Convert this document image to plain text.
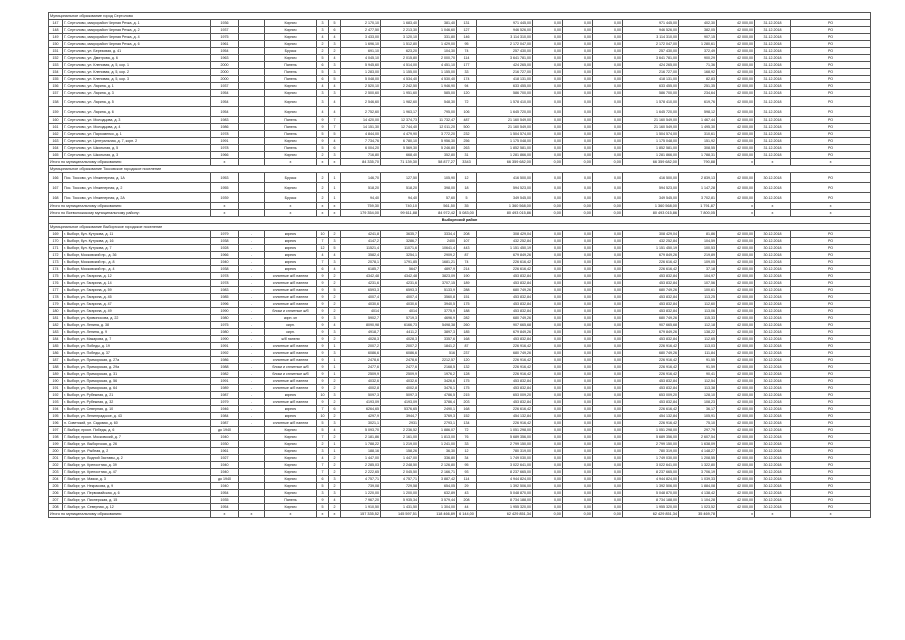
Муниципальное образование город Сертолово																			
147	Г. Сертолово, микрорайон Черная Речка, д. 1	1936		Кирпич	3	5	2 170,10	1 683,40	381,40	131	971 445,00	0,00	0,00	0,00	971 445,00	402,30	42 000,00	31.12.2018	РО
148	Г. Сертолово, микрорайон Черная Речка, д. 2	1937		Кирпич	3	6	2 477,50	2 213,30	1 046,60	127	946 526,00	0,00	0,00	0,00	946 526,00	382,05	42 000,00	31.12.2018	РО
149	Г. Сертолово, микрорайон Черная Речка, д. 4	1975		Кирпич	4	4	3 433,00	3 120,10	331,80	146	3 114 310,00	0,00	0,00	0,00	3 114 310,00	907,15	42 000,00	31.12.2018	РО
150	Г. Сертолово, микрорайон Черная Речка, д. 6	1961		Кирпич	2	3	1 696,10	1 512,80	1 429,00	95	2 172 047,00	0,00	0,00	0,00	2 172 047,00	1 280,61	42 000,00	31.12.2018	РО
151	Г. Сертолово, ул. Березовая, д. 41	1954		Брусья	2	2	691,10	623,20	104,30	74	257 430,00	0,00	0,00	0,00	257 430,00	372,49	42 000,00	31.12.2018	РО
152	Г. Сертолово, ул. Дмитрова, д. 6	1963		Кирпич	5	4	4 045,10	2 015,80	2 000,70	114	3 641 781,00	0,00	0,00	0,00	3 641 781,00	900,29	42 000,00	31.12.2018	РО
153	Г. Сертолово, ул. Кленовая, д. 5, кор. 1	2000		Панель	6	3	5 945,60	4 514,00	4 451,10	177	424 265,00	0,00	0,00	0,00	424 265,00	71,36	42 000,00	31.12.2018	РО
154	Г. Сертолово, ул. Кленовая, д. 5, кор. 2	2000		Панель	5	3	1 283,00	1 155,00	1 155,00	33	216 727,00	0,00	0,00	0,00	216 727,00	168,92	42 000,00	31.12.2018	РО
155	Г. Сертолово, ул. Кленовая, д. 5, кор. 3	2000		Панель	6	5	5 048,00	4 534,40	4 530,40	174	418 131,00	0,00	0,00	0,00	418 131,00	82,83	42 000,00	31.12.2018	РО
156	Г. Сертолово, ул. Ларина, д. 1	1937		Кирпич	4	4	2 520,10	2 242,50	1 946,90	94	633 455,00	0,00	0,00	0,00	633 455,00	251,35	42 000,00	31.12.2018	РО
157	Г. Сертолово, ул. Ларина, д. 3	1954		Кирпич	3	3	2 500,60	1 951,60	585,00	120	586 700,00	0,00	0,00	0,00	586 700,00	234,64	42 000,00	31.12.2018	РО
158	Г. Сертолово, ул. Ларина, д. 5	1954		Кирпич	3	4	2 546,60	1 982,60	548,30	72	1 578 410,00	0,00	0,00	0,00	1 578 410,00	619,76	42 000,00	31.12.2018	РО
159	Г. Сертолово, ул. Ларина, д. 6	1954		Кирпич	4	4	2 752,60	1 963,17	795,00	106	1 645 720,00	0,00	0,00	0,00	1 645 720,00	598,12	42 000,00	31.12.2018	РО
160	Г. Сертолово, ул. Молодцова, д. 3	1983		Панель	9	7	14 420,00	12 374,73	11 732,47	487	21 160 549,00	0,00	0,00	0,00	21 160 549,00	1 467,44	42 000,00	31.12.2018	РО
161	Г. Сертолово, ул. Молодцова, д. 4	1986		Панель	9	7	14 151,30	12 744,40	12 011,20	500	21 160 549,00	0,00	0,00	0,00	21 160 549,00	1 495,30	42 000,00	31.12.2018	РО
162	Г. Сертолово, ул. Пархоменко, д. 1	1978		Панель	5	5	4 844,00	4 479,90	3 772,20	232	1 504 574,00	0,00	0,00	0,00	1 504 574,00	310,61	42 000,00	31.12.2018	РО
163	Г. Сертолово, ул. Центральная, д. 7, корп. 2	1991		Кирпич	9	4	7 734,76	6 780,10	5 956,30	256	1 175 048,00	0,00	0,00	0,00	1 175 048,00	151,92	42 000,00	31.12.2018	РО
164	Г. Сертолово, ул. Школьная, д. 5	1978		Панель	5	6	6 004,20	5 569,30	5 246,80	263	1 852 581,00	0,00	0,00	0,00	1 852 581,00	308,55	42 000,00	31.12.2018	РО
165	Г. Сертолово, ул. Школьная, д. 3	1966		Кирпич	2	3	716,80	668,40	352,80	31	1 281 866,00	0,00	0,00	0,00	1 281 866,00	1 788,31	42 000,00	31.12.2018	РО
Итого по муниципальному образованию:		x		x	x	x	84 335,70	71 139,30	58 877,27	3343	66 359 682,00	0,00	0,00	0,00	66 359 682,00	790,88	x	x	x
Муниципальное образование Токсовское городское поселение																			
166	Пос. Токсово, ул. Инженерная, д. 1А	1953		Брусья	2	1	146,70	127,50	105,90	12	416 500,00	0,00	0,00	0,00	416 500,00	2 839,13	42 000,00	30.12.2018	РО
167	Пос. Токсово, ул. Инженерная, д. 2	1955		Кирпич	2	1	518,20	518,20	398,00	18	594 523,00	0,00	0,00	0,00	594 523,00	1 147,28	42 000,00	30.12.2018	РО
168	Пос. Токсово, ул. Инженерная, д. 2А	1939		Брусья	2	1	94,40	94,40	57,60	5	349 545,00	0,00	0,00	0,00	349 545,00	3 702,81	42 000,00	30.12.2018	РО
Итого по муниципальному образованию:		x		x	x	x	759,30	740,10	561,50	35	1 360 568,00	0,00	0,00	0,00	1 360 568,00	1 791,87	x	x	x
Итого по Всеволожскому муниципальному району:		x		x	x	x	179 354,00	99 611,88	84 972,42	5 083,00	80 493 015,86	0,00	0,00	0,00	80 493 015,86	7 800,05	x	x	x
Выборгский район																			
Муниципальное образование Выборгское городское поселение																			
169	г. Выборг, бул. Кутузова, д. 11	1979	-	кирпич	10	2	4241,8	3635,7	3334,4	208	308 429,04	0,00	0,00	0,00	308 429,04	81,86	42 000,00	30.12.2018	РО
170	г. Выборг, бул. Кутузова, д. 16	1938	-	кирпич	7	3	4147,2	3286,7	2400	107	432 252,84	0,00	0,00	0,00	432 252,84	104,59	42 000,00	30.12.2018	РО
171	г. Выборг, бул. Кутузова, д. 7	1928	-	кирпич	12	5	11521,4	11071,6	10641,4	443	1 151 450,19	0,00	0,00	0,00	1 151 450,19	100,53	42 000,00	30.12.2018	РО
172	г. Выборг, Московский пр., д. 36	1966	-	кирпич	4	4	3582,4	3254,1	2909,2	87	679 849,26	0,00	0,00	0,00	679 849,26	219,89	42 000,00	30.12.2018	РО
173	г. Выборг, Московский пр., д. 8	1940	-	кирпич	7	3	2078,1	1791,85	1681,21	74	226 616,42	0,00	0,00	0,00	226 616,42	109,05	42 000,00	30.12.2018	РО
174	г. Выборг, Московский пр., д. 4	1938	-	кирпич	6	4	6185,7	5647	4897,9	214	226 616,42	0,00	0,00	0,00	226 616,42	37,18	42 000,00	30.12.2018	РО
175	г. Выборг, ул. Гагарина, д. 12	1978	-	сплитные ж/б панели	9	2	4342,48	4342,48	3823,09	190	453 832,84	0,00	0,00	0,00	453 832,84	104,97	42 000,00	30.12.2018	РО
176	г. Выборг, ул. Гагарина, д. 14	1978	-	сплитные ж/б панели	9	2	4231,6	4231,6	3707,15	189	453 832,84	0,00	0,00	0,00	453 832,84	107,56	42 000,00	30.12.2018	РО
177	г. Выборг, ул. Гагарина, д. 59	1983	-	сплитные ж/б панели	9	5	6593,3	6593,3	5133,9	288	680 749,26	0,00	0,00	0,00	680 749,26	100,61	42 000,00	30.12.2018	РО
178	г. Выборг, ул. Гагарина, д. 45	1985	-	сплитные ж/б панели	9	2	4007,4	4007,4	3560,8	151	453 832,84	0,00	0,00	0,00	453 832,84	113,25	42 000,00	30.12.2018	РО
179	г. Выборг, ул. Гагарина, д. 47	1996	-	сплитные ж/б панели	9	2	4030,6	4030,6	3940,5	175	453 832,84	0,00	0,00	0,00	453 832,84	112,60	42 000,00	30.12.2018	РО
180	г. Выборг, ул. Гагарина, д. 49	1990	-	блоки и сплитные ж/б	9	2	4014	4014	3775,9	188	453 832,84	0,00	0,00	0,00	453 832,84	113,06	42 000,00	30.12.2018	РО
181	г. Выборг, ул. Кривоносова, д. 22	1980	-	кирп. кп	9	3	5902,7	5719,3	4696,9	282	680 749,26	0,00	0,00	0,00	680 749,26	115,33	42 000,00	30.12.2018	РО
182	г. Выборг, ул. Ленина, д. 38	1975	-	кирп.	9	4	8090,98	6166,73	5498,38	260	907 665,68	0,00	0,00	0,00	907 665,68	112,18	42 000,00	30.12.2018	РО
183	г. Выборг, ул. Ленина, д. 9	1980	-	кирп.	9	3	4918,7	4411,2	3897,3	185	679 849,26	0,00	0,00	0,00	679 849,26	138,22	42 000,00	30.12.2018	РО
184	г. Выборг, ул. Макарова, д. 7	1990	-	ж/б панели	9	2	4028,3	4028,3	3357,6	168	453 832,84	0,00	0,00	0,00	453 832,84	112,65	42 000,00	30.12.2018	РО
185	г. Выборг, ул. Победы, д. 19	1991	-	сплитные ж/б панели	9	1	2007,2	2007,2	1841,2	87	226 916,42	0,00	0,00	0,00	226 916,42	113,03	42 000,00	30.12.2018	РО
186	г. Выборг, ул. Победы, д. 37	1992	-	сплитные ж/б панели	9	3	6086,6	6086,6	516	237	680 749,26	0,00	0,00	0,00	680 749,26	111,84	42 000,00	30.12.2018	РО
187	г. Выборг, ул. Приморская, д. 27а	1986	-	сплитные ж/б панели	9	1	2478,6	2478,6	2212,57	120	226 916,42	0,00	0,00	0,00	226 916,42	91,55	42 000,00	30.12.2018	РО
188	г. Выборг, ул. Приморская, д. 29а	1988	-	блоки и сплитные ж/б	9	1	2477,6	2477,6	2168,5	132	226 916,42	0,00	0,00	0,00	226 916,42	91,59	42 000,00	30.12.2018	РО
189	г. Выборг, ул. Приморская, д. 31	1982	-	блоки и сплитные ж/б	9	1	2509,9	2509,9	1976,2	128	226 916,42	0,00	0,00	0,00	226 916,42	90,41	42 000,00	30.12.2018	РО
190	г. Выборг, ул. Приморская, д. 56	1991	-	сплитные ж/б панели	9	2	4032,6	4032,6	3426,6	175	453 832,84	0,00	0,00	0,00	453 832,84	112,54	42 000,00	30.12.2018	РО
191	г. Выборг, ул. Приморская, д. 64	1989	-	сплитные ж/б панели	9	2	4002,8	4002,8	3476,1	175	453 832,84	0,00	0,00	0,00	453 832,84	113,38	42 000,00	30.12.2018	РО
192	г. Выборг, ул. Рубежная, д. 21	1987	-	кирпич	10	3	5097,3	5097,3	4786,5	215	653 009,20	0,00	0,00	0,00	653 009,20	128,10	42 000,00	30.12.2018	РО
193	г. Выборг, ул. Рубежная, д. 32	1979	-	сплитные ж/б панели	9	2	4193,09	4193,09	3786,4	203	453 832,84	0,00	0,00	0,00	453 832,84	108,23	42 000,00	30.12.2018	РО
194	г. Выборг, ул. Северная, д. 10	1946	-	кирпич	7	6	6264,65	5376,65	2490,1	168	226 616,42	0,00	0,00	0,00	226 616,42	36,17	42 000,00	30.12.2018	РО
195	г. Выборг, ул. Ленинградское, д. 43	1984	-	кирпич	10	2	4297,9	3944,7	3769,3	152	454 132,84	0,00	0,00	0,00	454 132,84	105,91	42 000,00	30.12.2018	РО
196	п. Советский, ул. Садовая, д. 60	1987	-	сплитные ж/б панели	5	3	3021,1	2931	2793,1	134	226 916,42	0,00	0,00	0,00	226 916,42	75,10	42 000,00	30.12.2018	РО
197	Г. Выборг, просп. Победы, д. 6	до 1940		Кирпич	5	4	5 093,70	2 236,52	1 886,07	72	1 051 298,00	0,00	0,00	0,00	1 051 298,00	297,79	42 000,00	30.12.2018	РО
198	Г. Выборг, просп. Московский, д. 7	1940		Кирпич	7	2	2 181,86	2 161,00	1 813,00	76	5 689 356,00	0,00	0,00	0,00	5 689 356,00	2 607,54	42 000,00	30.12.2018	РО
199	Г. Выборг, ул. Выборгская, д. 26	1930		Кирпич	2	1	1 788,22	1 219,00	1 241,00	33	2 799 150,00	0,00	0,00	0,00	2 799 150,00	1 638,09	42 000,00	30.12.2018	РО
200	Г. Выборг, ул. Рыбная, д. 2	1961		Кирпич	3	1	188,16	158,26	36,30	12	780 319,00	0,00	0,00	0,00	780 319,00	4 148,27	42 000,00	30.12.2018	РО
201	Г. Выборг, ул. Водной Заставы, д. 2	1927		Кирпич	4	2	1 447,00	1 447,00	336,80	34	1 749 030,00	0,00	0,00	0,00	1 749 030,00	1 208,55	42 000,00	30.12.2018	РО
202	Г. Выборг, ул. Крепостная, д. 39	1940		Кирпич	7	2	2 285,03	2 248,50	2 126,80	95	3 022 641,00	0,00	0,00	0,00	3 022 641,00	1 322,80	42 000,00	30.12.2018	РО
203	Г. Выборг, ул. Крепостная, д. 47	1940		Кирпич	7	2	2 222,65	2 045,50	2 166,71	93	8 237 665,00	0,00	0,00	0,00	8 237 665,00	3 706,19	42 000,00	30.12.2018	РО
204	Г. Выборг, ул. Маяки, д. 3	до 1940		Кирпич	6	3	4 757,71	4 757,71	3 887,42	114	4 944 824,00	0,00	0,00	0,00	4 944 824,00	1 039,33	42 000,00	30.12.2018	РО
205	Г. Выборг, ул. Некрасова, д. 9	1940		Кирпич	5	2	739,08	729,58	654,05	29	1 392 506,00	0,00	0,00	0,00	1 392 506,00	1 884,08	42 000,00	30.12.2018	РО
206	Г. Выборг, ул. Первомайская, д. 6	1954		Кирпич	3	3	1 220,00	1 200,00	632,89	43	5 048 870,00	0,00	0,00	0,00	5 048 870,00	4 138,42	42 000,00	30.12.2018	РО
207	Г. Выборг, ул. Пионерская, д. 15	1935		Панель	9	4	7 967,20	5 935,34	3 579,44	208	8 734 188,00	0,00	0,00	0,00	8 734 188,00	1 104,28	42 000,00	30.12.2018	РО
208	Г. Выборг, ул. Северная, д. 12	1954		Кирпич	5	2	1 910,50	1 431,50	1 304,00	44	1 955 320,00	0,00	0,00	0,00	1 955 320,00	1 023,52	42 000,00	30.12.2018	РО
Итого по муниципальному образованию:		x	x	x	x	x	157 335,52	145 597,51	118 466,89	6 144,00	62 429 851,34	0,00	0,00	0,00	62 429 851,34	35 469,78	x	x	x
